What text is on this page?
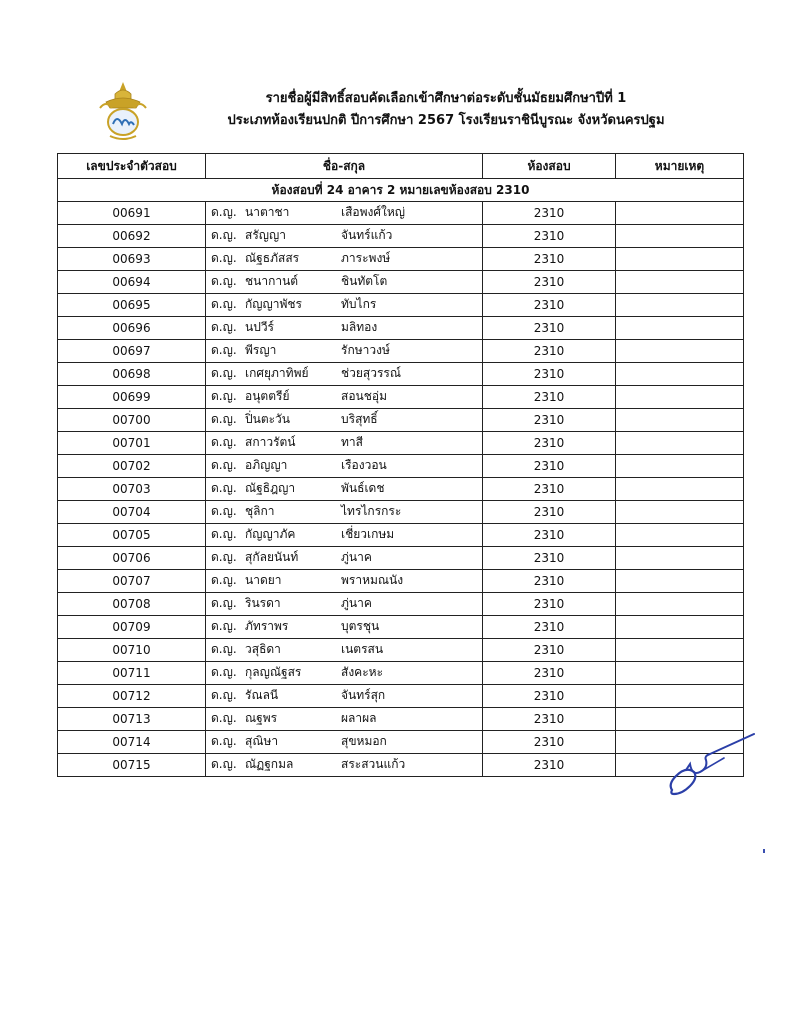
รายชื่อผู้มีสิทธิ์สอบคัดเลือกเข้าศึกษาต่อระดับชั้นมัธยมศึกษาปีที่ 1
ประเภทห้องเรียนปกติ ปีการศึกษา 2567 โรงเรียนราชินีบูรณะ จังหวัดนครปฐม
เลขประจำตัวสอบ	ชื่อ-สกุล	ห้องสอบ	หมายเหตุ
ห้องสอบที่ 24 อาคาร 2 หมายเลขห้องสอบ 2310			
00691	ด.ญ. นาตาชา เสือพงศ์ใหญ่	2310	
00692	ด.ญ. สรัญญา จันทร์แก้ว	2310	
00693	ด.ญ. ณัฐธภัสสร ภาระพงษ์	2310	
00694	ด.ญ. ชนากานต์ ชินทัตโต	2310	
00695	ด.ญ. กัญญาพัชร ทับไกร	2310	
00696	ด.ญ. นปวีร์ มลิทอง	2310	
00697	ด.ญ. พีรญา รักษาวงษ์	2310	
00698	ด.ญ. เกศยุภาทิพย์ ช่วยสุวรรณ์	2310	
00699	ด.ญ. อนุตตรีย์ สอนชอุ่ม	2310	
00700	ด.ญ. ปิ่นตะวัน บริสุทธิ์	2310	
00701	ด.ญ. สกาวรัตน์ ทาสี	2310	
00702	ด.ญ. อภิญญา เรืองวอน	2310	
00703	ด.ญ. ณัฐธิฎญา พันธ์เดช	2310	
00704	ด.ญ. ชุลิกา ไทรไกรกระ	2310	
00705	ด.ญ. กัญญาภัค เชี่ยวเกษม	2310	
00706	ด.ญ. สุกัลยนันท์ ภู่นาค	2310	
00707	ด.ญ. นาดยา พราหมณนัง	2310	
00708	ด.ญ. รินรดา ภู่นาค	2310	
00709	ด.ญ. ภัทราพร บุตรชุน	2310	
00710	ด.ญ. วสุธิดา เนตรสน	2310	
00711	ด.ญ. กุลญณัฐสร สังคะหะ	2310	
00712	ด.ญ. รัณลนี จันทร์สุก	2310	
00713	ด.ญ. ณฐพร ผลาผล	2310	
00714	ด.ญ. สุณิษา สุขหมอก	2310	
00715	ด.ญ. ณัฏฐกมล สระสวนแก้ว	2310	
